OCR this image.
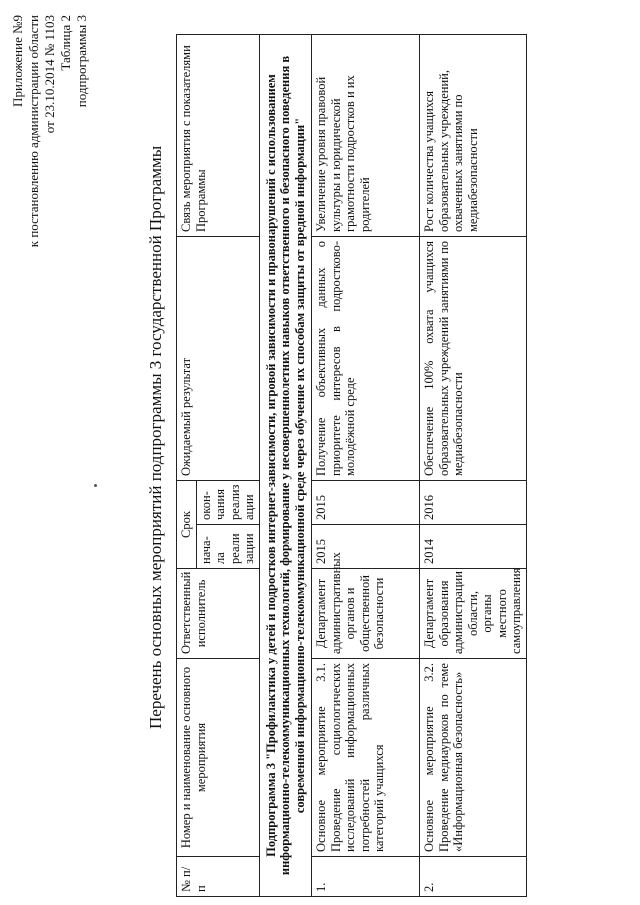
Приложение №9 к постановлению администрации области от 23.10.2014 № 1103 Таблица 2 подпрограммы 3
Перечень основных мероприятий подпрограммы 3 государственной Программы
№ п/п	Номер и наименование основного мероприятия	Ответственный исполнитель	Срок		Ожидаемый результат	Связь мероприятия с показателями Программы
			нача-ла реали зации	окон-чания реализ ации		
Подпрограмма 3 "Профилактика у детей и подростков интернет-зависимости, игровой зависимости и правонарушений с использованием информационно-телекоммуникационных технологий, формирование у несовершеннолетних навыков ответственного и безопасного поведения в современной информационно-телекоммуникационной среде через обучение их способам защиты от вредной информации"						
1.	Основное мероприятие 3.1. Проведение социологических исследований информационных потребностей различных категорий учащихся	Департамент административных органов и общественной безопасности	2015	2015	Получение объективных данных о приоритете интересов в подростково-молодёжной среде	Увеличение уровня правовой культуры и юридической грамотности подростков и их родителей
2.	Основное мероприятие 3.2. Проведение медиауроков по теме «Информационная безопасность»	Департамент образования администрации области, органы местного самоуправления	2014	2016	Обеспечение 100% охвата учащихся образовательных учреждений занятиями по медиабезопасности	Рост количества учащихся образовательных учреждений, охваченных занятиями по медиабезопасности
